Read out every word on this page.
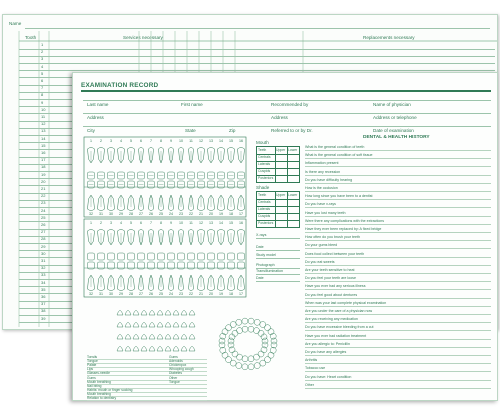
Name
Tooth	Services necessary	Replacements necessary
1
2
3
4
5
6
7
8
9
10
11
12
13
14
15
16
17
18
19
20
21
22
23
24
25
26
27
28
29
30
31
32
33
34
35
36
37
38
39
EXAMINATION RECORD
Last name	First name	Recommended by	Name of physician
Address	Address	Address or telephone
City	State	Zip	Referred to or by Dr.	Date of examination
DENTAL & HEALTH HISTORY
What is the general condition of teeth
What is the general condition of soft tissue
Inflammation present
Is there any recession
Do you have difficulty hearing
How is the occlusion
How long since you have been to a dentist
Do you have x-rays
Have you lost many teeth
Were there any complications with the extractions
Have they ever been replaced by: A fixed bridge
How often do you brush your teeth
Do your gums bleed
Does food collect between your teeth
Do you eat sweets
Are your teeth sensitive to heat
Do you feel your teeth are loose
Have you ever had any serious illness
Do you feel good about dentures
When was your last complete physical examination
Are you under the care of a physician now
Are you receiving any medication
Do you have excessive bleeding from a cut
Have you ever had radiation treatment
Are you allergic to: Penicillin
Do you have any allergies
Arthritis
Tobacco use
Do you have: Heart condition
Other
1 2 3 4 5 6 7 8 9 10 11 12 13 14 15 16
32 31 30 29 28 27 26 25 24 23 22 21 20 19 18 17
1 2 3 4 5 6 7 8 9 10 11 12 13 14 15 16
32 31 30 29 28 27 26 25 24 23 22 21 20 19 18 17
Mouth
Teeth	Upper Lower
Centrals
Laterals
Cuspids
Posteriors
Shade
Teeth	Upper Lower
Centrals
Laterals
Cuspids
Posteriors
X-rays
Date
Study model
Photograph
Transillumination
Date
Tonsils
Tongue
Palate
Lips
Glasses-needle
Gums
Mouth breathing
Nail biting
Habits: mouth or finger sucking
Mouth breathing
Relation to dentistry
Gums
Adenoids
Chickenpox
Whooping cough
Diabetes
Other
Tongue
